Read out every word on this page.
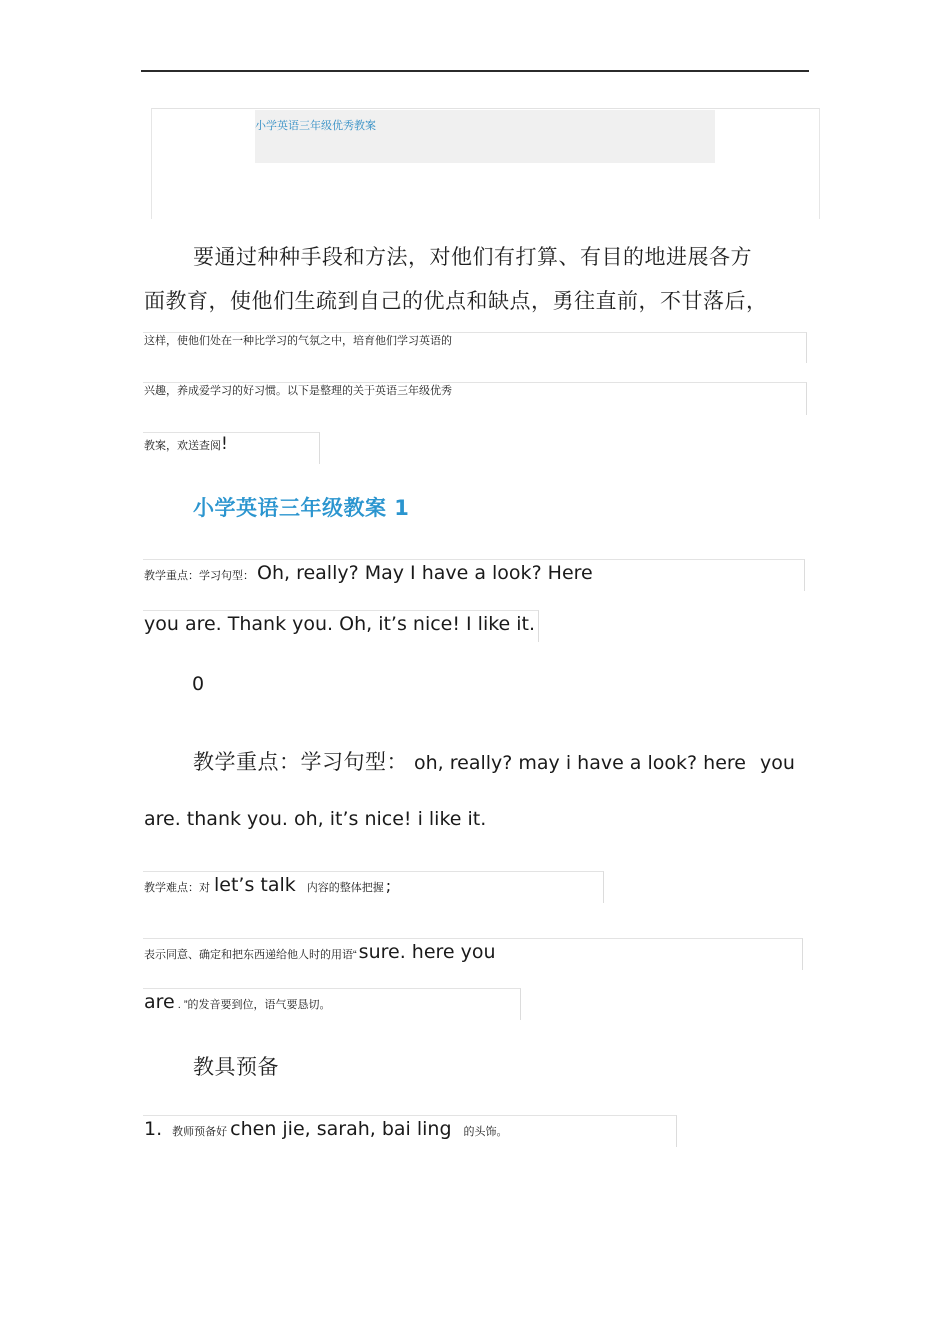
小学英语三年级优秀教案
要通过种种手段和方法，对他们有打算、有目的地进展各方
面教育，使他们生疏到自己的优点和缺点，勇往直前，不甘落后，
这样，使他们处在一种比学习的气氛之中，培育他们学习英语的
兴趣，养成爱学习的好习惯。以下是整理的关于英语三年级优秀
教案，欢送查阅 !
小学英语三年级教案 1
教学重点：学习句型： Oh, really? May I have a look? Here
you are. Thank you. Oh, it’s nice! I like it.
0
教学重点：学习句型： oh, really? may i have a look? here you
are. thank you. oh, it’s nice! i like it.
教学难点：对 let’s talk 内容的整体把握 ;
表示同意、确定和把东西递给他人时的用语“ sure. here you
are . ”的发音要到位，语气要恳切。
教具预备
1. 教师预备好 chen jie, sarah, bai ling 的头饰。
